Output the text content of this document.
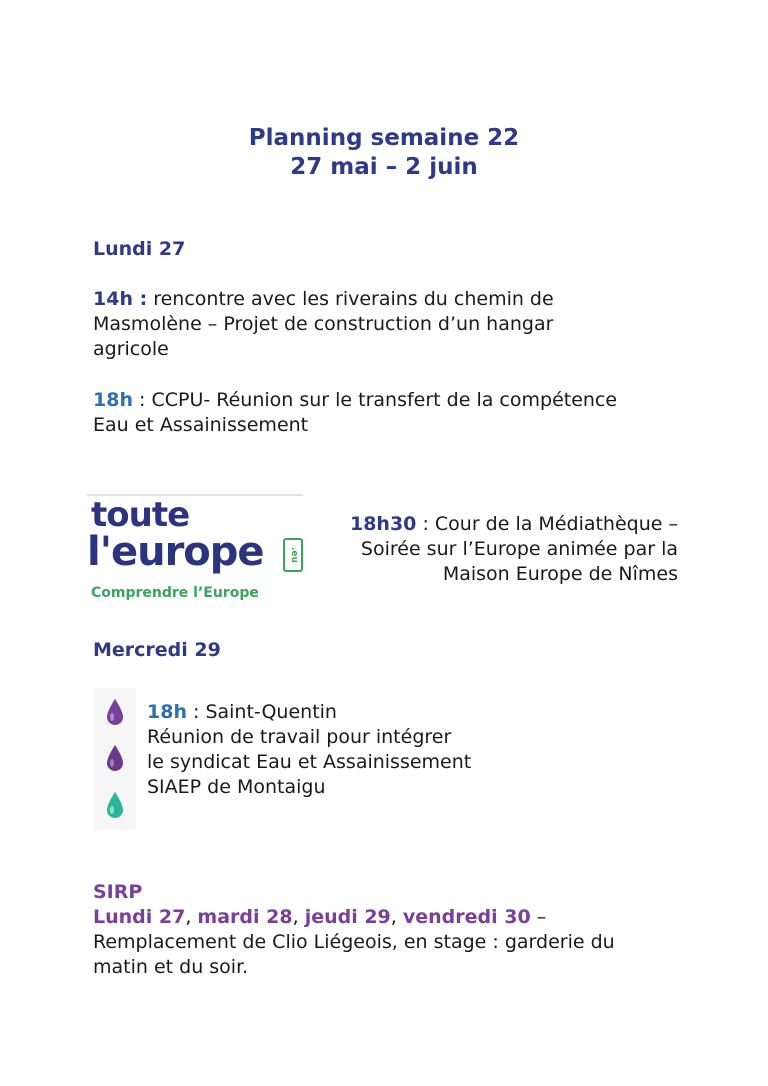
Planning semaine 22
27 mai – 2 juin
Lundi 27
14h : rencontre avec les riverains du chemin de
Masmolène – Projet de construction d’un hangar
agricole
18h : CCPU- Réunion sur le transfert de la compétence
Eau et Assainissement
toute
l'europe	.eu
Comprendre l’Europe
18h30 : Cour de la Médiathèque –
Soirée sur l’Europe animée par la
Maison Europe de Nîmes
Mercredi 29
18h : Saint-Quentin
Réunion de travail pour intégrer
le syndicat Eau et Assainissement
SIAEP de Montaigu
SIRP
Lundi 27, mardi 28, jeudi 29, vendredi 30 –
Remplacement de Clio Liégeois, en stage : garderie du
matin et du soir.
